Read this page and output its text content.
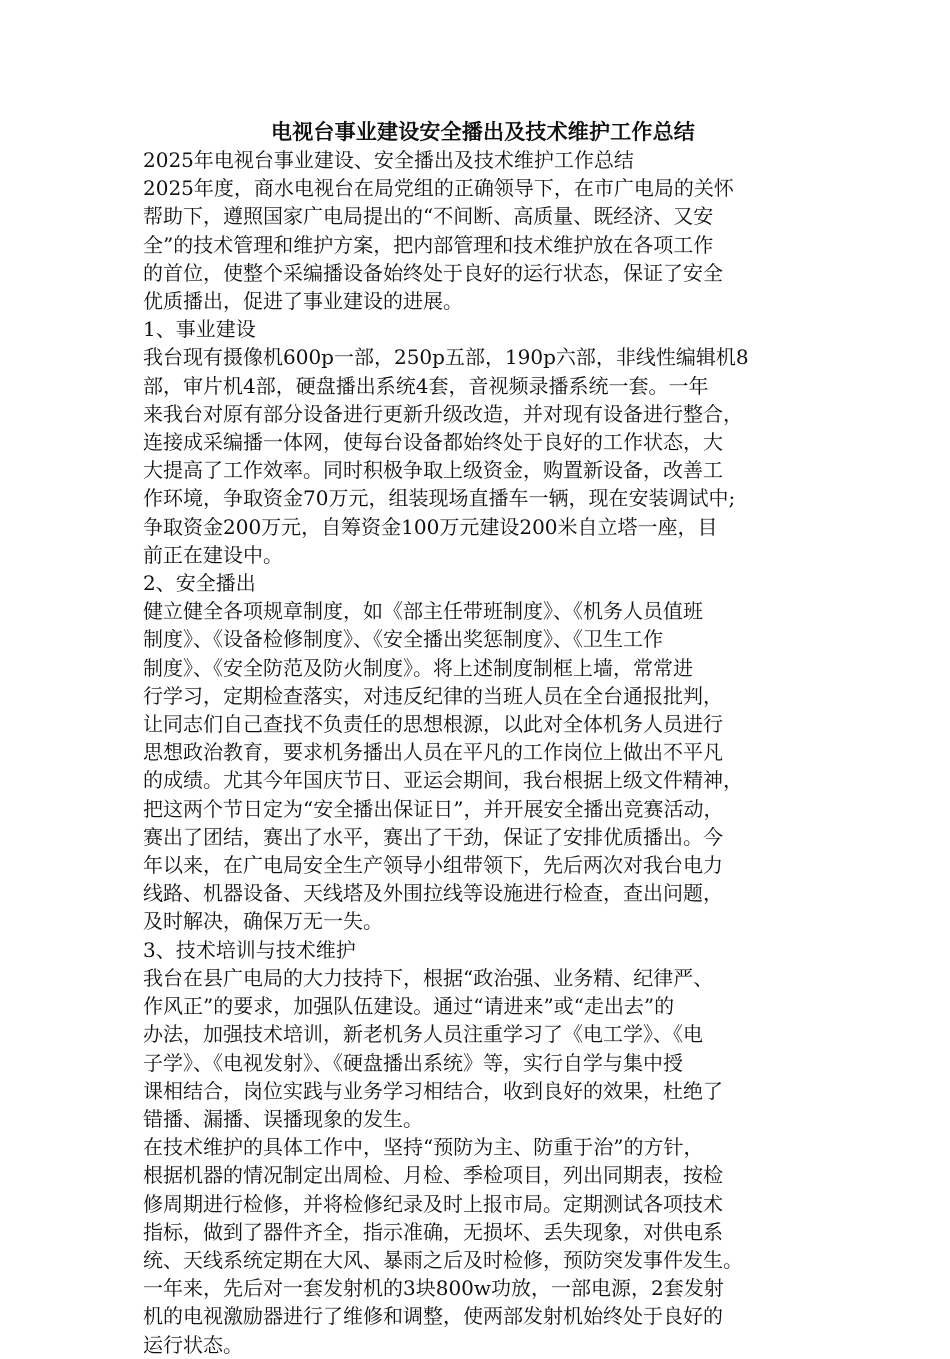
电视台事业建设安全播出及技术维护工作总结
2025年电视台事业建设、安全播出及技术维护工作总结
2025年度，商水电视台在局党组的正确领导下，在市广电局的关怀
帮助下，遵照国家广电局提出的“不间断、高质量、既经济、又安
全”的技术管理和维护方案，把内部管理和技术维护放在各项工作
的首位，使整个采编播设备始终处于良好的运行状态，保证了安全
优质播出，促进了事业建设的进展。
1、事业建设
我台现有摄像机600p一部，250p五部，190p六部，非线性编辑机8
部，审片机4部，硬盘播出系统4套，音视频录播系统一套。一年
来我台对原有部分设备进行更新升级改造，并对现有设备进行整合，
连接成采编播一体网，使每台设备都始终处于良好的工作状态，大
大提高了工作效率。同时积极争取上级资金，购置新设备，改善工
作环境，争取资金70万元，组装现场直播车一辆，现在安装调试中;
争取资金200万元，自筹资金100万元建设200米自立塔一座，目
前正在建设中。
2、安全播出
健立健全各项规章制度，如《部主任带班制度》、《机务人员值班
制度》、《设备检修制度》、《安全播出奖惩制度》、《卫生工作
制度》、《安全防范及防火制度》。将上述制度制框上墙，常常进
行学习，定期检查落实，对违反纪律的当班人员在全台通报批判，
让同志们自己查找不负责任的思想根源，以此对全体机务人员进行
思想政治教育，要求机务播出人员在平凡的工作岗位上做出不平凡
的成绩。尤其今年国庆节日、亚运会期间，我台根据上级文件精神，
把这两个节日定为“安全播出保证日”，并开展安全播出竞赛活动，
赛出了团结，赛出了水平，赛出了干劲，保证了安排优质播出。今
年以来，在广电局安全生产领导小组带领下，先后两次对我台电力
线路、机器设备、天线塔及外围拉线等设施进行检查，查出问题，
及时解决，确保万无一失。
3、技术培训与技术维护
我台在县广电局的大力技持下，根据“政治强、业务精、纪律严、
作风正”的要求，加强队伍建设。通过“请进来”或“走出去”的
办法，加强技术培训，新老机务人员注重学习了《电工学》、《电
子学》、《电视发射》、《硬盘播出系统》等，实行自学与集中授
课相结合，岗位实践与业务学习相结合，收到良好的效果，杜绝了
错播、漏播、误播现象的发生。
在技术维护的具体工作中，坚持“预防为主、防重于治”的方针，
根据机器的情况制定出周检、月检、季检项目，列出同期表，按检
修周期进行检修，并将检修纪录及时上报市局。定期测试各项技术
指标，做到了器件齐全，指示准确，无损坏、丢失现象，对供电系
统、天线系统定期在大风、暴雨之后及时检修，预防突发事件发生。
一年来，先后对一套发射机的3块800w功放，一部电源，2套发射
机的电视激励器进行了维修和调整，使两部发射机始终处于良好的
运行状态。
